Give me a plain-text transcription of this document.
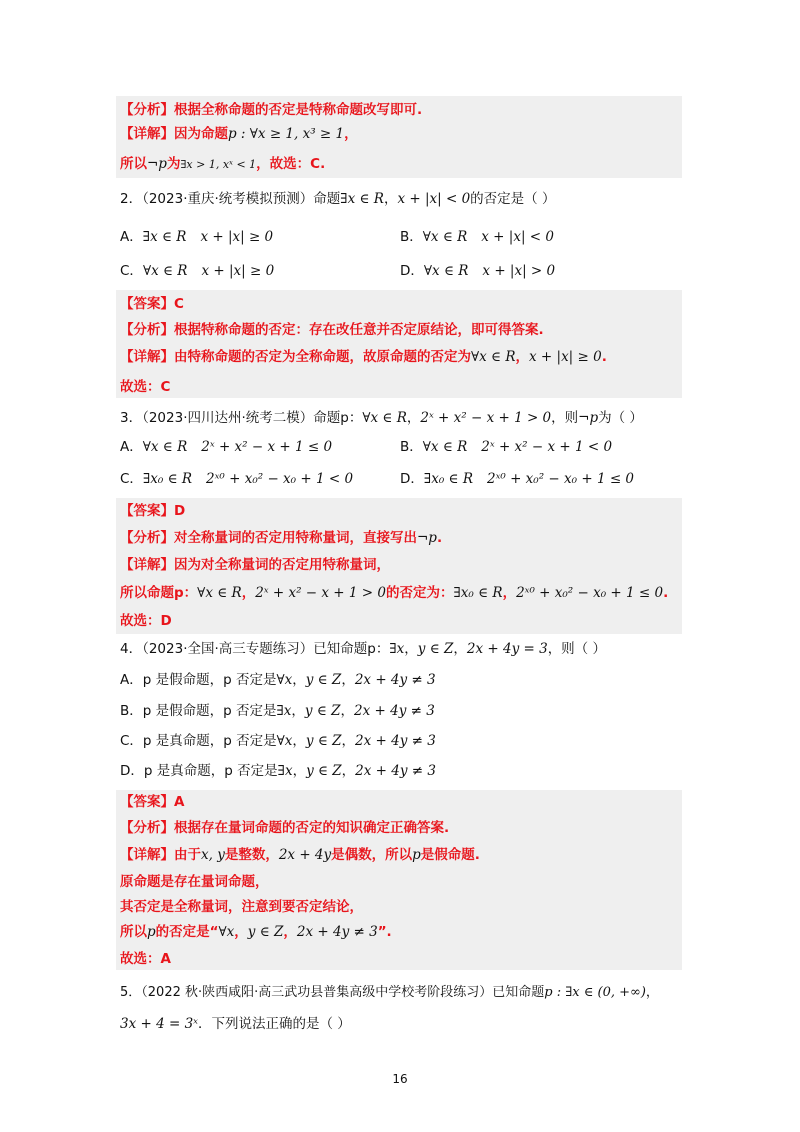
【分析】根据全称命题的否定是特称命题改写即可.
【详解】因为命题p : ∀x ≥ 1, x³ ≥ 1，
所以¬p为∃x > 1, xˣ < 1，故选：C.
2．（2023·重庆·统考模拟预测）命题∃x ∈ R，x + |x| < 0的否定是（ ）
A．∃x ∈ R x + |x| ≥ 0	B．∀x ∈ R x + |x| < 0
C．∀x ∈ R x + |x| ≥ 0	D．∀x ∈ R x + |x| > 0
【答案】C
【分析】根据特称命题的否定：存在改任意并否定原结论，即可得答案.
【详解】由特称命题的否定为全称命题，故原命题的否定为∀x ∈ R，x + |x| ≥ 0.
故选：C
3．（2023·四川达州·统考二模）命题p：∀x ∈ R，2ˣ + x² − x + 1 > 0，则¬p为（ ）
A．∀x ∈ R 2ˣ + x² − x + 1 ≤ 0	B．∀x ∈ R 2ˣ + x² − x + 1 < 0
C．∃x₀ ∈ R 2ˣ⁰ + x₀² − x₀ + 1 < 0	D．∃x₀ ∈ R 2ˣ⁰ + x₀² − x₀ + 1 ≤ 0
【答案】D
【分析】对全称量词的否定用特称量词，直接写出¬p.
【详解】因为对全称量词的否定用特称量词，
所以命题p：∀x ∈ R，2ˣ + x² − x + 1 > 0的否定为：∃x₀ ∈ R，2ˣ⁰ + x₀² − x₀ + 1 ≤ 0.
故选：D
4．（2023·全国·高三专题练习）已知命题p：∃x，y ∈ Z，2x + 4y = 3，则（ ）
A．p 是假命题，p 否定是∀x，y ∈ Z，2x + 4y ≠ 3
B．p 是假命题，p 否定是∃x，y ∈ Z，2x + 4y ≠ 3
C．p 是真命题，p 否定是∀x，y ∈ Z，2x + 4y ≠ 3
D．p 是真命题，p 否定是∃x，y ∈ Z，2x + 4y ≠ 3
【答案】A
【分析】根据存在量词命题的否定的知识确定正确答案.
【详解】由于x, y是整数，2x + 4y是偶数，所以p是假命题.
原命题是存在量词命题，
其否定是全称量词，注意到要否定结论，
所以p的否定是“∀x，y ∈ Z，2x + 4y ≠ 3”.
故选：A
5．（2022 秋·陕西咸阳·高三武功县普集高级中学校考阶段练习）已知命题p : ∃x ∈ (0, +∞)，
3x + 4 = 3ˣ．下列说法正确的是（ ）
16
